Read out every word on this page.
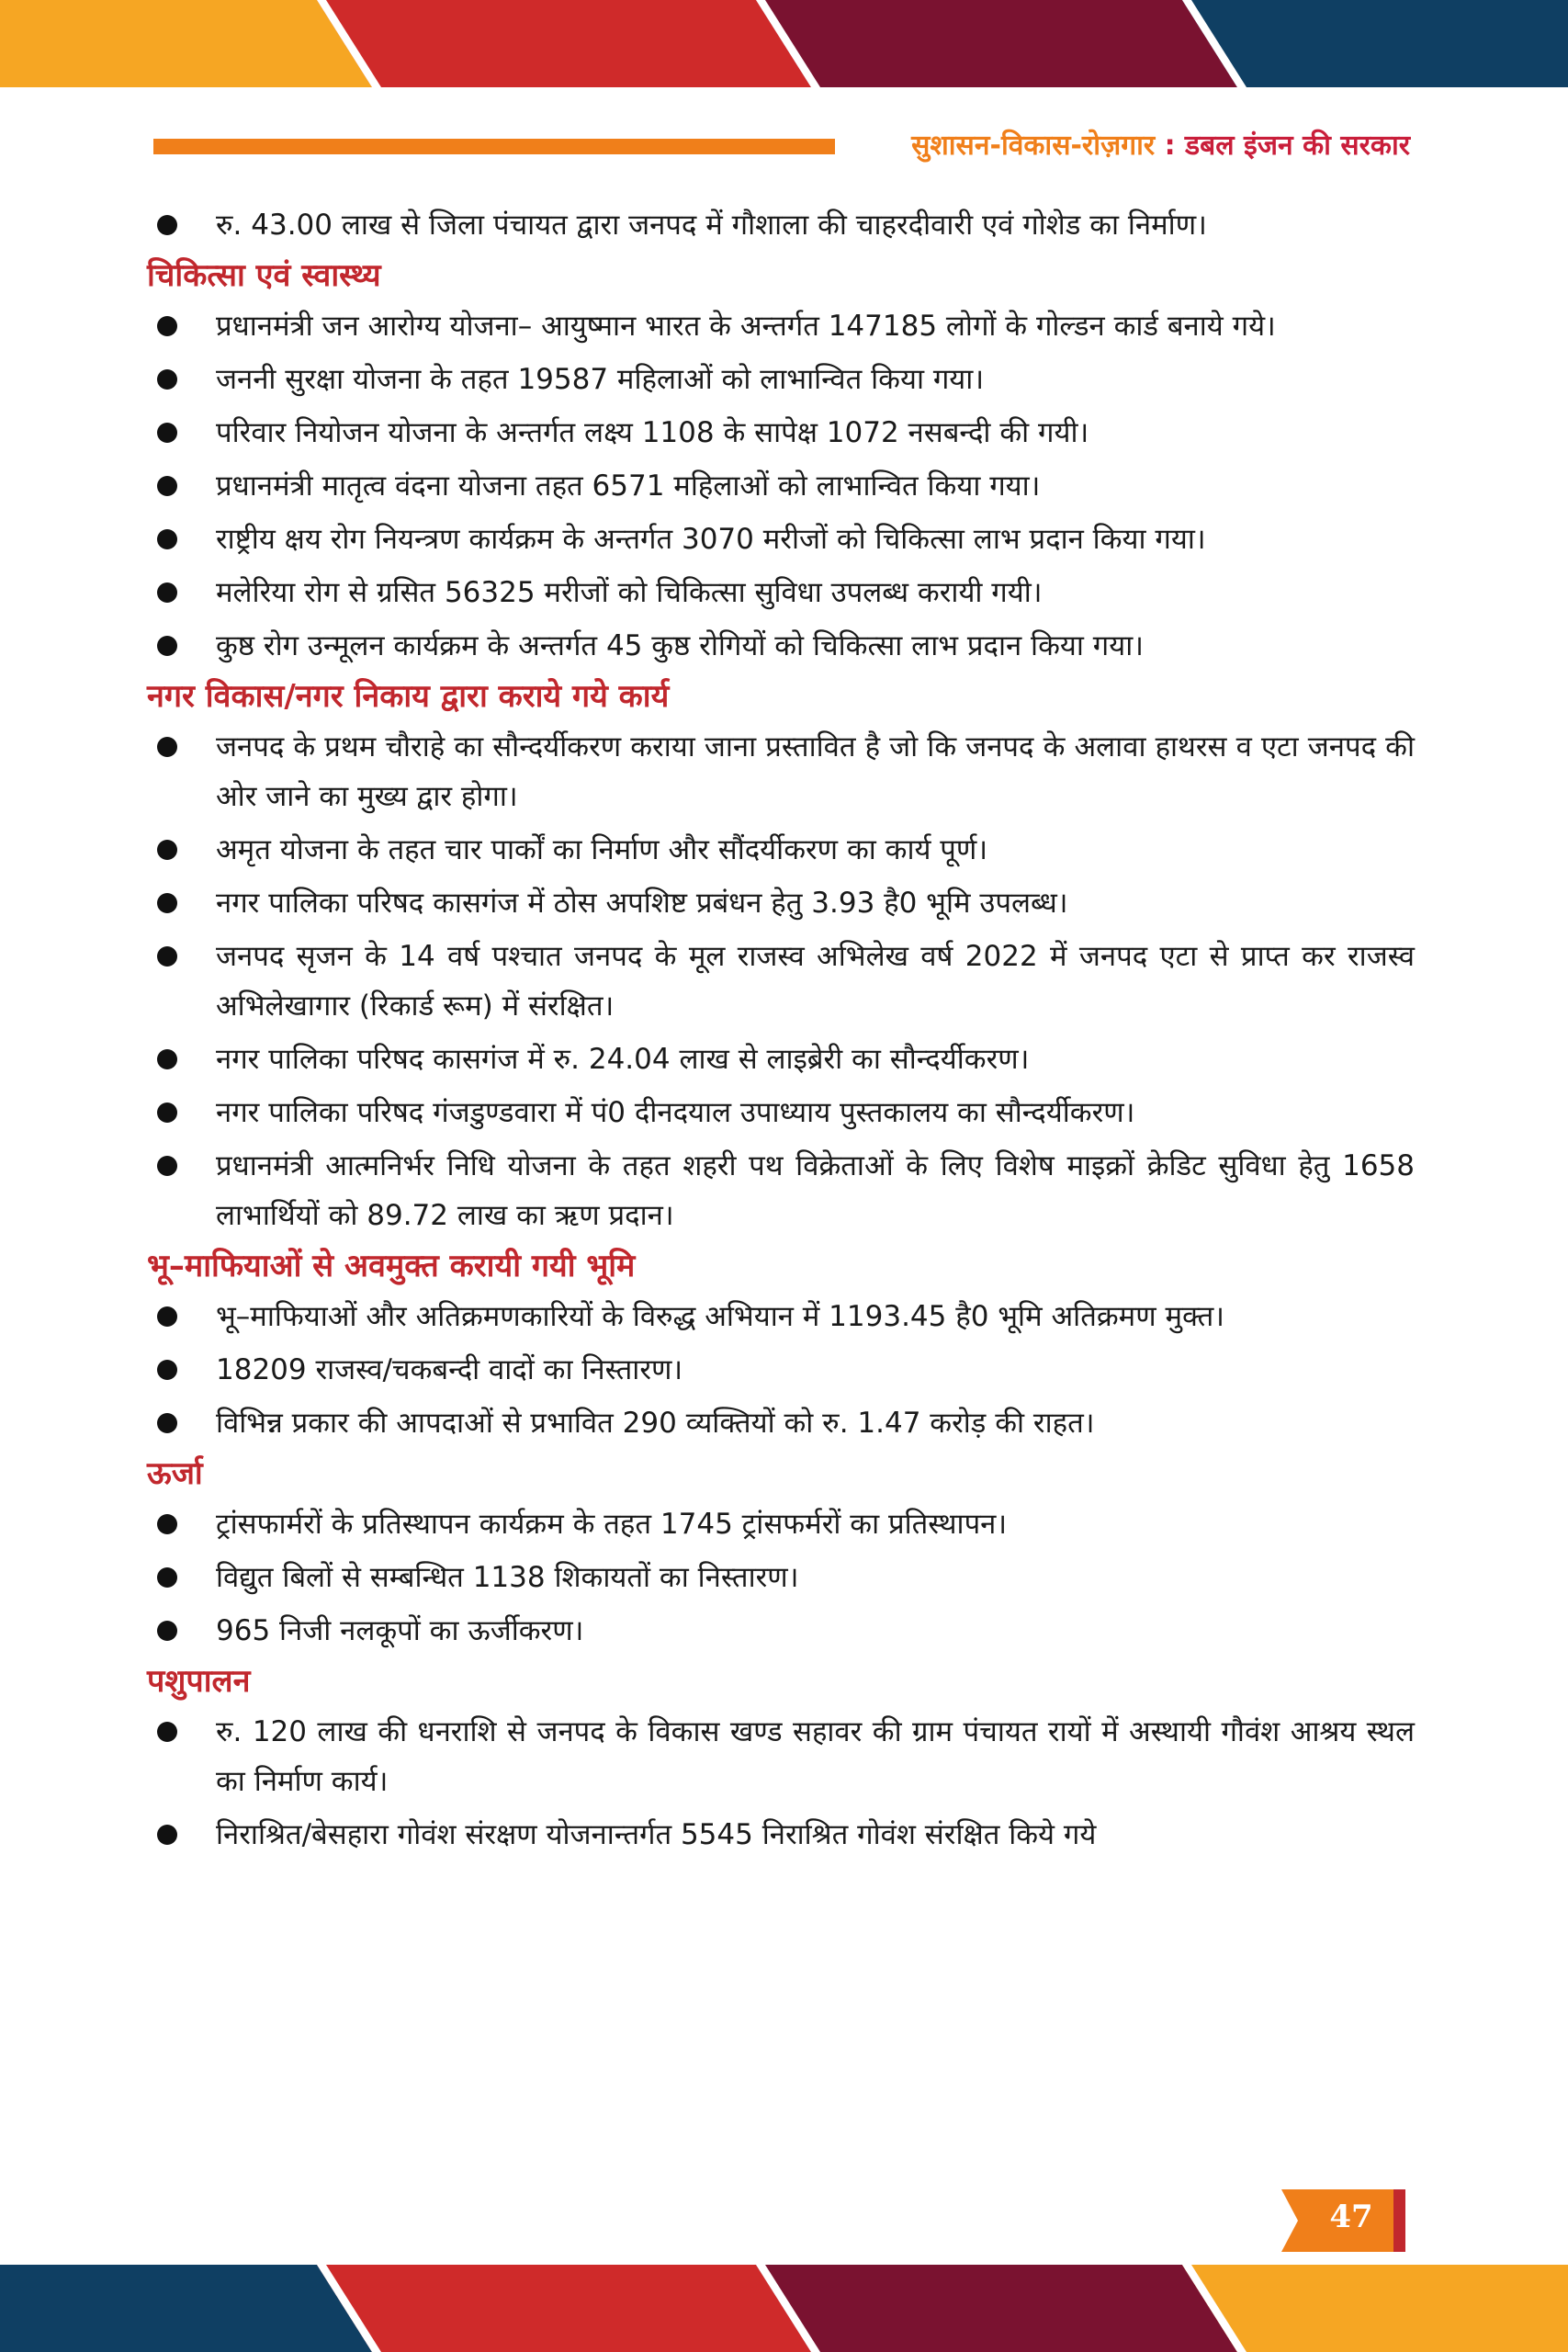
सुशासन-विकास-रोज़गार : डबल इंजन की सरकार
रु. 43.00 लाख से जिला पंचायत द्वारा जनपद में गौशाला की चाहरदीवारी एवं गोशेड का निर्माण।
चिकित्सा एवं स्वास्थ्य
प्रधानमंत्री जन आरोग्य योजना– आयुष्मान भारत के अन्तर्गत 147185 लोगों के गोल्डन कार्ड बनाये गये।
जननी सुरक्षा योजना के तहत 19587 महिलाओं को लाभान्वित किया गया।
परिवार नियोजन योजना के अन्तर्गत लक्ष्य 1108 के सापेक्ष 1072 नसबन्दी की गयी।
प्रधानमंत्री मातृत्व वंदना योजना तहत 6571 महिलाओं को लाभान्वित किया गया।
राष्ट्रीय क्षय रोग नियन्त्रण कार्यक्रम के अन्तर्गत 3070 मरीजों को चिकित्सा लाभ प्रदान किया गया।
मलेरिया रोग से ग्रसित 56325 मरीजों को चिकित्सा सुविधा उपलब्ध करायी गयी।
कुष्ठ रोग उन्मूलन कार्यक्रम के अन्तर्गत 45 कुष्ठ रोगियों को चिकित्सा लाभ प्रदान किया गया।
नगर विकास/नगर निकाय द्वारा कराये गये कार्य
जनपद के प्रथम चौराहे का सौन्दर्यीकरण कराया जाना प्रस्तावित है जो कि जनपद के अलावा हाथरस व एटा जनपद की ओर जाने का मुख्य द्वार होगा।
अमृत योजना के तहत चार पार्कों का निर्माण और सौंदर्यीकरण का कार्य पूर्ण।
नगर पालिका परिषद कासगंज में ठोस अपशिष्ट प्रबंधन हेतु 3.93 है0 भूमि उपलब्ध।
जनपद सृजन के 14 वर्ष पश्चात जनपद के मूल राजस्व अभिलेख वर्ष 2022 में जनपद एटा से प्राप्त कर राजस्व अभिलेखागार (रिकार्ड रूम) में संरक्षित।
नगर पालिका परिषद कासगंज में रु. 24.04 लाख से लाइब्रेरी का सौन्दर्यीकरण।
नगर पालिका परिषद गंजडुण्डवारा में पं0 दीनदयाल उपाध्याय पुस्तकालय का सौन्दर्यीकरण।
प्रधानमंत्री आत्मनिर्भर निधि योजना के तहत शहरी पथ विक्रेताओं के लिए विशेष माइक्रों क्रेडिट सुविधा हेतु 1658 लाभार्थियों को 89.72 लाख का ऋण प्रदान।
भू–माफियाओं से अवमुक्त करायी गयी भूमि
भू–माफियाओं और अतिक्रमणकारियों के विरुद्ध अभियान में 1193.45 है0 भूमि अतिक्रमण मुक्त।
18209 राजस्व/चकबन्दी वादों का निस्तारण।
विभिन्न प्रकार की आपदाओं से प्रभावित 290 व्यक्तियों को रु. 1.47 करोड़ की राहत।
ऊर्जा
ट्रांसफार्मरों के प्रतिस्थापन कार्यक्रम के तहत 1745 ट्रांसफर्मरों का प्रतिस्थापन।
विद्युत बिलों से सम्बन्धित 1138 शिकायतों का निस्तारण।
965 निजी नलकूपों का ऊर्जीकरण।
पशुपालन
रु. 120 लाख की धनराशि से जनपद के विकास खण्ड सहावर की ग्राम पंचायत रायों में अस्थायी गौवंश आश्रय स्थल का निर्माण कार्य।
निराश्रित/बेसहारा गोवंश संरक्षण योजनान्तर्गत 5545 निराश्रित गोवंश संरक्षित किये गये
47
